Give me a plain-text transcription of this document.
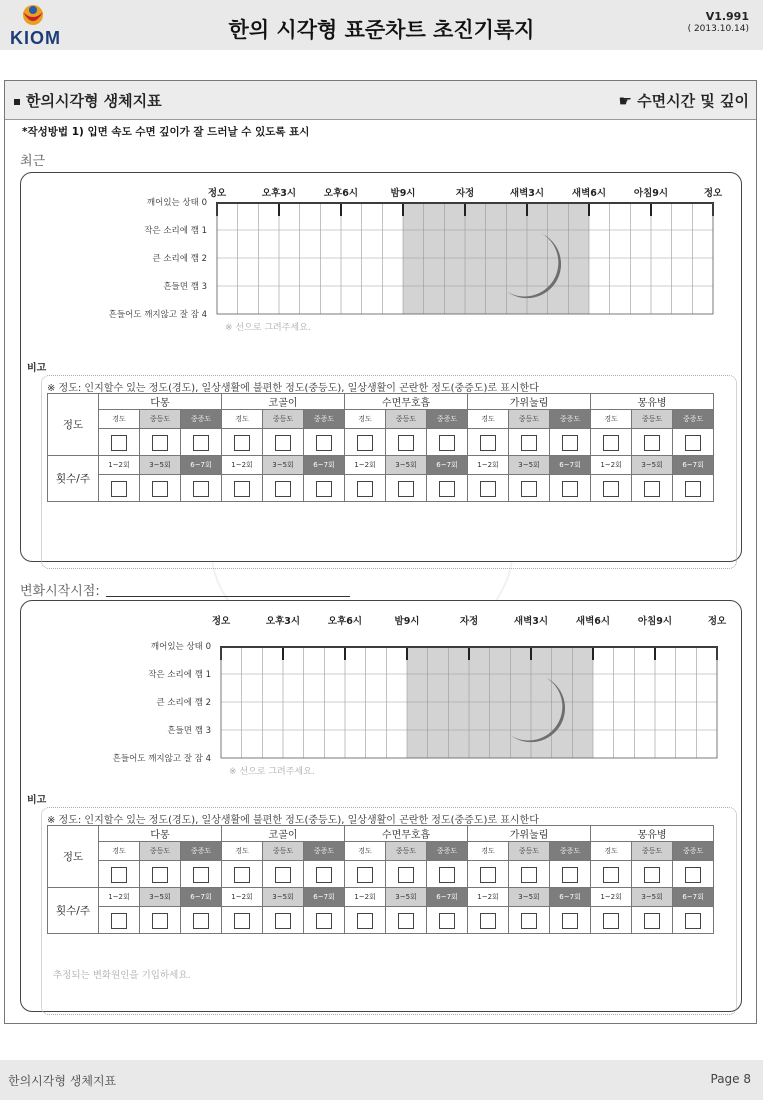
KIOM	한의 시각형 표준차트 초진기록지
V1.991
( 2013.10.14)
한의시각형 생체지표	☛ 수면시간 및 깊이
*작성방법 1) 입면 속도 수면 깊이가 잘 드러날 수 있도록 표시
최근
정오	오후3시	오후6시	밤9시	자정	새벽3시	새벽6시	아침9시	정오
깨어있는 상태 0
작은 소리에 깸 1
큰 소리에 깸 2
흔들면 깸 3
흔들어도 깨지않고 잘 잠 4
※ 선으로 그려주세요.
비고
※ 정도: 인지할수 있는 정도(경도), 일상생활에 불편한 정도(중등도), 일상생활이 곤란한 정도(중증도)로 표시한다
정도	다몽			코골이			수면무호흡			가위눌림			몽유병		
	경도	중등도	중증도	경도	중등도	중증도	경도	중등도	중증도	경도	중등도	중증도	경도	중등도	중증도

횟수/주	1~2회	3~5회	6~7회	1~2회	3~5회	6~7회	1~2회	3~5회	6~7회	1~2회	3~5회	6~7회	1~2회	3~5회	6~7회

변화시작시점:
정오	오후3시	오후6시	밤9시	자정	새벽3시	새벽6시	아침9시	정오
깨어있는 상태 0
작은 소리에 깸 1
큰 소리에 깸 2
흔들면 깸 3
흔들어도 깨지않고 잘 잠 4
※ 선으로 그려주세요.
비고
※ 정도: 인지할수 있는 정도(경도), 일상생활에 불편한 정도(중등도), 일상생활이 곤란한 정도(중증도)로 표시한다
정도	다몽			코골이			수면무호흡			가위눌림			몽유병		
	경도	중등도	중증도	경도	중등도	중증도	경도	중등도	중증도	경도	중등도	중증도	경도	중등도	중증도

횟수/주	1~2회	3~5회	6~7회	1~2회	3~5회	6~7회	1~2회	3~5회	6~7회	1~2회	3~5회	6~7회	1~2회	3~5회	6~7회

추정되는 변화원인을 기입하세요.
한의시각형 생체지표	Page 8
